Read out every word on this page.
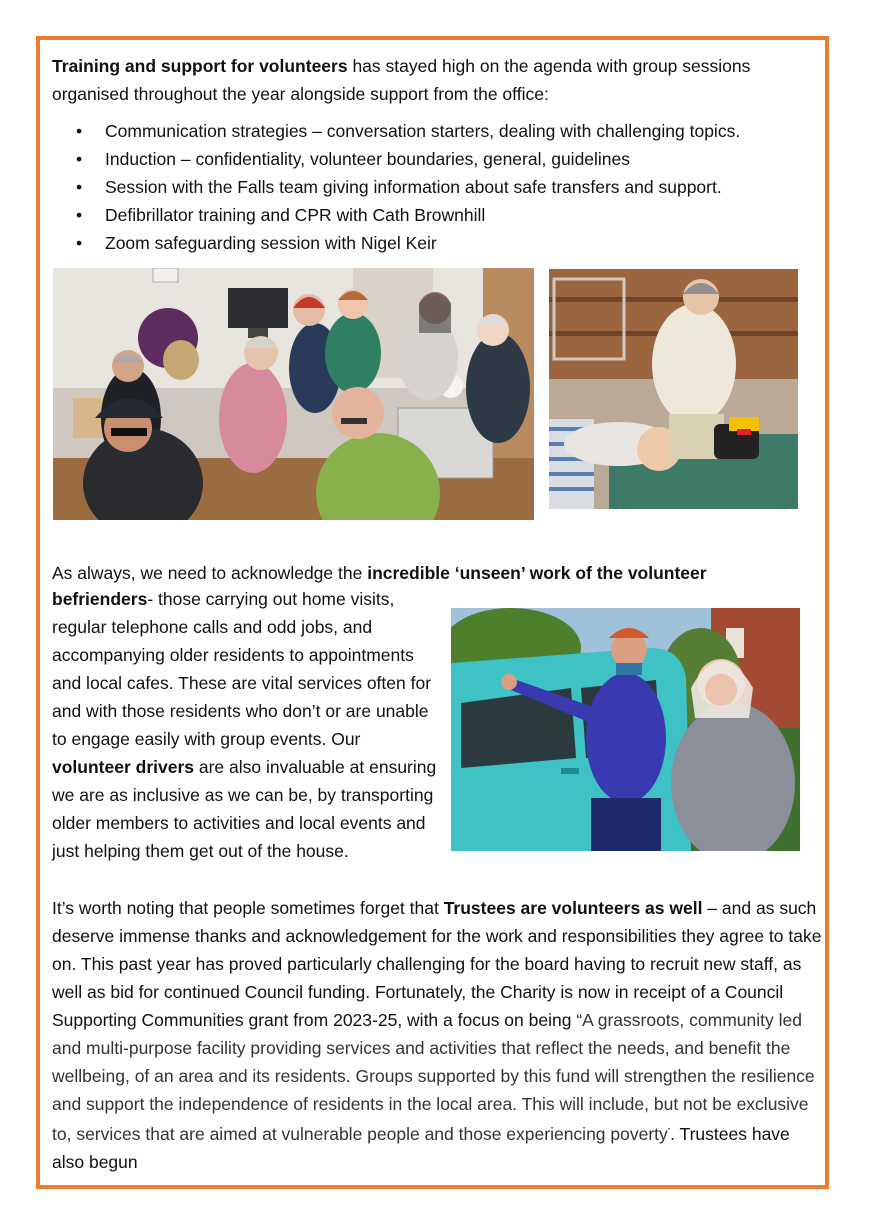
Training and support for volunteers has stayed high on the agenda with group sessions organised throughout the year alongside support from the office:

• Communication strategies – conversation starters, dealing with challenging topics.
• Induction – confidentiality, volunteer boundaries, general, guidelines
• Session with the Falls team giving information about safe transfers and support.
• Defibrillator training and CPR with Cath Brownhill
• Zoom safeguarding session with Nigel Keir

As always, we need to acknowledge the incredible ‘unseen’ work of the volunteer

befrienders- those carrying out home visits, regular telephone calls and odd jobs, and accompanying older residents to appointments and local cafes. These are vital services often for and with those residents who don’t or are unable to engage easily with group events. Our volunteer drivers are also invaluable at ensuring we are as inclusive as we can be, by transporting older members to activities and local events and just helping them get out of the house.

It’s worth noting that people sometimes forget that Trustees are volunteers as well – and as such deserve immense thanks and acknowledgement for the work and responsibilities they agree to take on. This past year has proved particularly challenging for the board having to recruit new staff, as well as bid for continued Council funding. Fortunately, the Charity is now in receipt of a Council Supporting Communities grant from 2023-25, with a focus on being “A grassroots, community led and multi-purpose facility providing services and activities that reflect the needs, and benefit the wellbeing, of an area and its residents. Groups supported by this fund will strengthen the resilience and support the independence of residents in the local area. This will include, but not be exclusive to, services that are aimed at vulnerable people and those experiencing poverty”. Trustees have also begun
